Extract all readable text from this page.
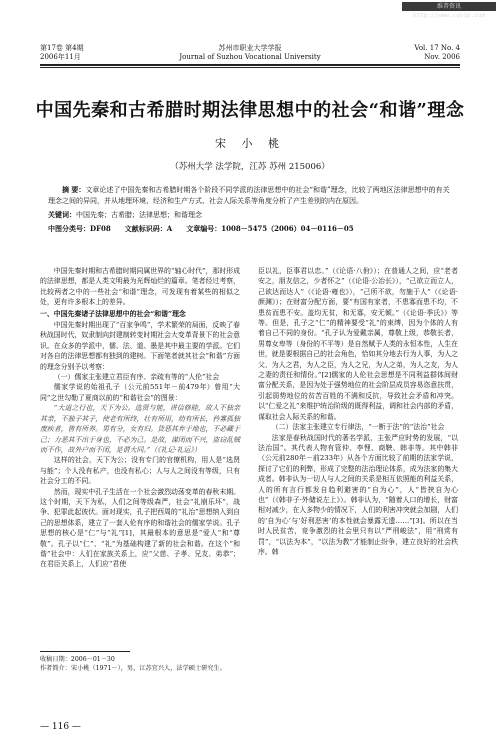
维普资讯 http://www.cqvip.com
第17卷 第4期
2006年11月
苏州市职业大学学报
Journal of Suzhou Vocational University
Vol. 17 No. 4
Nov. 2006
中国先秦和古希腊时期法律思想中的社会“和谐”理念
宋 小 桃
（苏州大学 法学院，江苏 苏州 215006）
摘 要：文章论述了中国先秦和古希腊时期各个阶段不同学派的法律思想中的社会“和谐”理念，比较了两地区法律思想中的有关理念之间的异同，并从地理环境、经济和生产方式、社会人际关系等角度分析了产生差别的内在原因。
关键词：中国先秦；古希腊；法律思想；和谐理念
中图分类号：DF08　　文献标识码：A　　文章编号：1008－5475（2006）04－0116－05

中国先秦时期和古希腊时期同属世界的“轴心时代”，那时形成的法律思想，都是人类文明最为光辉灿烂的篇章。笔者经过考察，比较两者之中的一些社会“和谐”理念，可发现有着某些的相似之处，更有许多根本上的差异。

一、中国先秦诸子法律思想中的社会“和谐”理念

中国先秦时期出现了“百家争鸣”，学术繁荣的局面，反映了春秋战国时代，奴隶制向封建制转变时期社会大变革背景下的社会意识。在众多的学派中，儒、法、道、墨是其中最主要的学派。它们对各自的法律思想都有独到的建树。下面笔者就其社会“和谐”方面的理念分别予以考察：

（一）儒家主张建立君臣有序、亲疏有等的“人伦”社会

儒家学说的始祖孔子（公元前551年－前479年）曾用“大同”之世勾勒了夏商以前的“和谐社会”的图景：

“大道之行也，天下为公。选贤与能，讲信修睦，故人不独亲其亲，不独子其子，使老有所终，壮有所用，幼有所长，矜寡孤独废疾者，皆有所养。男有分，女有归。货恶其弃于地也，不必藏于己；力恶其不出于身也，不必为己。是故，谋闭而不兴，盗窃乱贼而不作，故外户而不闭，是谓大同。”（《礼记·礼运》）

这样的社会，天下为公；没有专门的官僚机构，用人是“选贤与能”；个人没有私产，也没有私心；人与人之间没有等级，只有社会分工的不同。

然而，现实中孔子生活在一个社会激烈动荡变革的春秋末期。这个时期，天下为私，人们之间等级森严，社会“礼崩乐坏”，战争、犯罪此起彼伏。面对现实，孔子把西周的“礼治”思想纳入到自己的思想体系，建立了一套人伦有序的和谐社会的儒家学说。孔子思想的核心是“仁”与“礼”[1]，其最根本的意思是“爱人”和“尊敬”。孔子以“仁”、“礼”为基础构建了新的社会和谐。在这个“和谐”社会中：人们在家族关系上，应“父慈、子孝、兄友、弟恭”；在君臣关系上，人们应“君使

臣以礼，臣事君以忠。”（《论语·八佾》）；在普通人之间，应“老者安之，朋友信之，少者怀之”（《论语·公冶长》），“己欲立而立人，己欲达而达人”（《论语·雍也》），“己所不欲，勿施于人”（《论语·颜渊》）；在财富分配方面，要“有国有家者，不患寡而患不均，不患贫而患不安。盖均无贫，和无寡，安无倾。”（《论语·季氏》）等等。但是，孔子之“仁”的精神要受“礼”的束缚，因为个体的人有着自己不同的身份。“孔子认为爱戴亲属，尊敬上级，恭敬长者，男尊女卑等（身份的不平等）是自然赋予人类的永恒本性，人生在世，就是要根据自己的社会角色，恰如其分地去行为人事，为人之父、为人之君，为人之臣，为人之兄，为人之弟，为人之友，为人之妻的责任和情份。”[2]儒家的人伦社会思想是不同利益群体间财富分配关系，是因为处于强势地位的社会阶层成员容易恣意扶贯，引起弱势地位的贫苦百姓的不满和反抗，导致社会矛盾和冲突。以“仁爱之礼”来维护统治阶级的既得利益，调和社会内部的矛盾，谋取社会人际关系的和谐。

（二）法家主张建立专行律法，“一断于法”的“法治”社会

法家是春秋战国时代的著名学派，主张严应时势的发展，“以法治国”。其代表人物有管仲、李悝、商鞅、韩非等。其中韩非（公元前280年－前233年）从各个方面比较了前期的法家学说，探讨了它们的利弊，形成了完整的法治理论体系，成为法家的集大成者。韩非认为一切人与人之间的关系是相互依照能的利益关系，人的所有言行都发自趋利避害的“自为心”，人“皆挟自为心也”（《韩非子·外储说左上》）。韩非认为，“随着人口的增长，财富相对减少，在人多物少的情况下，人们的利害冲突就会加剧，人们的‘自为心’与‘好利恶害’的本性就会暴露无遗……”[3]。所以在当时人民贫苦，竞争激烈的社会里只有以“严刑峻法”，用“刑赏有罚”，“以法为本”，“以法为教”才能制止纷争，建立良好的社会秩序。韩

收稿日期：2006－01－30
作者简介：宋小桃（1971－），男，江苏宜兴人，法学硕士研究生。
— 116 —
